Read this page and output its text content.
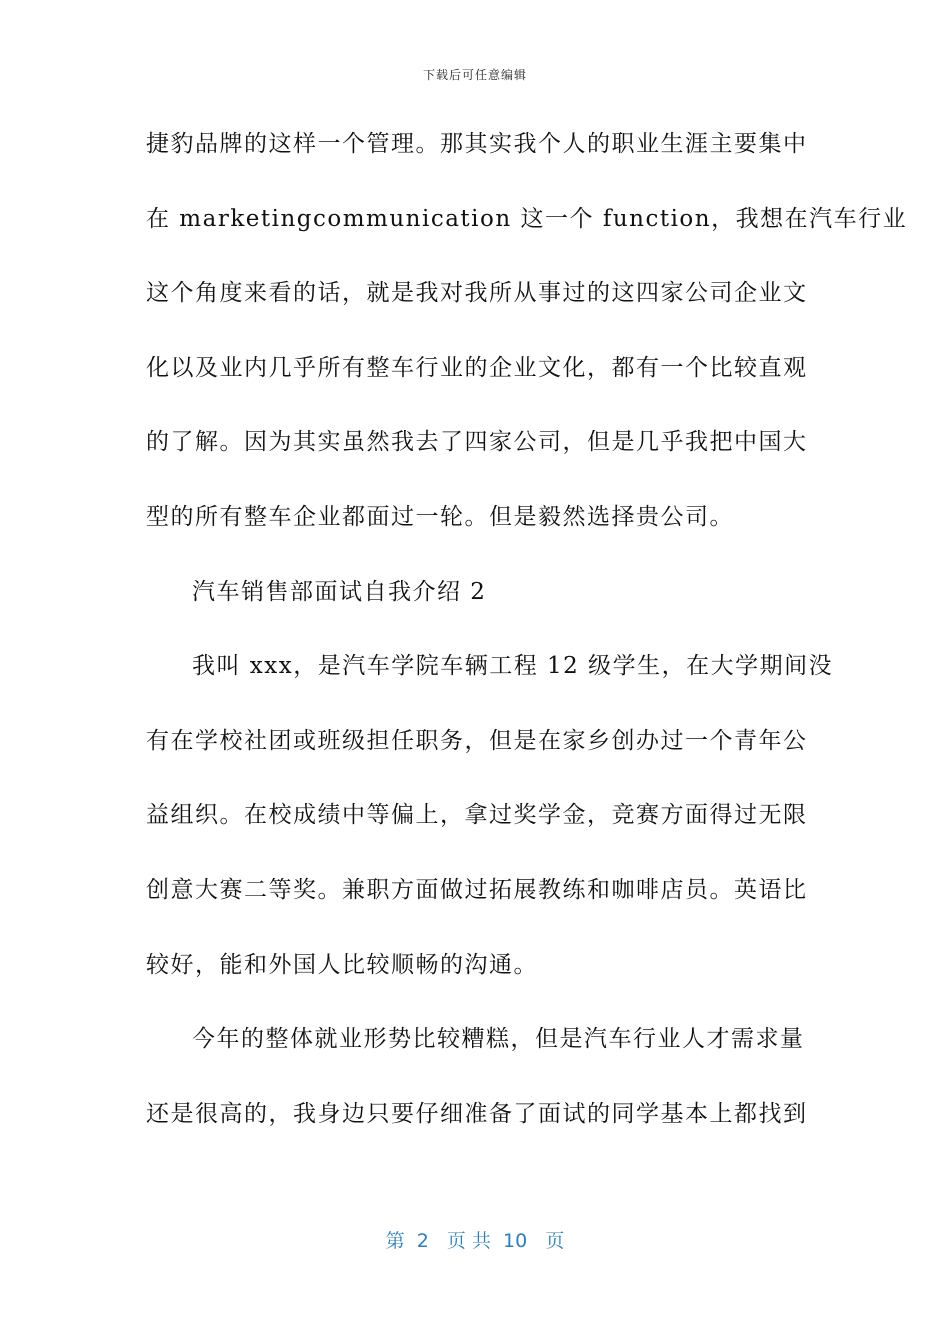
下载后可任意编辑
捷豹品牌的这样一个管理。那其实我个人的职业生涯主要集中
在 marketingcommunication 这一个 function，我想在汽车行业
这个角度来看的话，就是我对我所从事过的这四家公司企业文
化以及业内几乎所有整车行业的企业文化，都有一个比较直观
的了解。因为其实虽然我去了四家公司，但是几乎我把中国大
型的所有整车企业都面过一轮。但是毅然选择贵公司。
汽车销售部面试自我介绍 2
我叫 xxx，是汽车学院车辆工程 12 级学生，在大学期间没
有在学校社团或班级担任职务，但是在家乡创办过一个青年公
益组织。在校成绩中等偏上，拿过奖学金，竞赛方面得过无限
创意大赛二等奖。兼职方面做过拓展教练和咖啡店员。英语比
较好，能和外国人比较顺畅的沟通。
今年的整体就业形势比较糟糕，但是汽车行业人才需求量
还是很高的，我身边只要仔细准备了面试的同学基本上都找到
第  2   页 共  10   页
